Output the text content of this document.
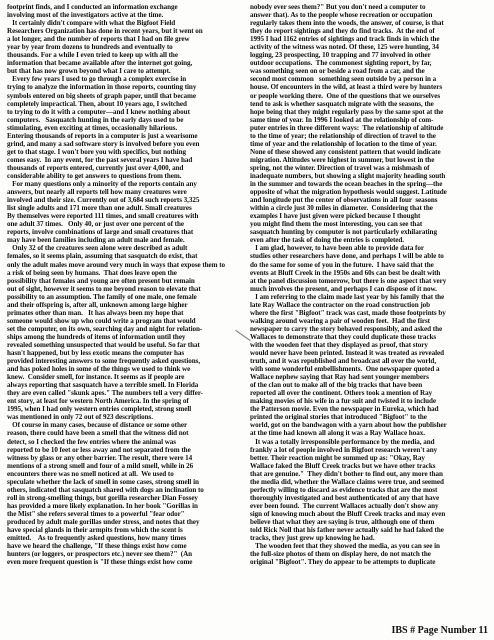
footprint finds, and I conducted an information exchange
involving most of the investigators active at the time.
It certainly didn't compare with what the Bigfoot Field
Researchers Organization has done in recent years, but it went on
a lot longer, and the number of reports that I had on file grew
year by year from dozens to hundreds and eventually to
thousands. For a while I even tried to keep up with all the
information that became available after the internet got going,
but that has now grown beyond what I care to attempt.
Every few years I used to go through a complex exercise in
trying to analyze the information in those reports, counting tiny
symbols entered on big sheets of graph paper, until that became
completely impractical. Then, about 10 years ago, I switched
to trying to do it with a computer—and I knew nothing about
computers.   Sasquatch hunting in the early days used to be
stimulating, even exciting at times, occasionally hilarious.
Entering thousands of reports in a computer is just a wearisome
grind, and many a sad software story is involved before you even
get to that stage. I won't bore you with specifics, but nothing
comes easy.  In any event, for the past several years I have had
thousands of reports entered, currently just over 4,000, and
considerable ability to get answers to questions from them.
For many questions only a minority of the reports contain any
answers, but nearly all reports tell how many creatures were
involved and their size. Currently out of 3,684 such reports 3,325
list single adults and 171 more than one adult. Small creatures
By themselves were reported 111 times, and small creatures with
one adult 37 times.   Only 40, or just over one percent of the
reports, involve combinations of large and small creatures that
may have been families including an adult male and female.
Only 32 of the creatures seen alone were described as adult
females, so it seems plain, assuming that sasquatch do exist, that
only the adult males move around very much in ways that expose them to
a risk of being seen by humans.  That does leave open the
possibility that females and young are often present but remain
out of sight, however it seems to me beyond reason to elevate that
possibility to an assumption. The family of one male, one female
and their offspring is, after all, unknown among large higher
primates other than man.   It has always been my hope that
someone would show up who could write a program that would
set the computer, on its own, searching day and night for relation-
ships among the hundreds of items of information until they
revealed something unsuspected that would be useful. So far that
hasn't happened, but by less exotic means the computer has
provided interesting answers to some frequently asked questions,
and has poked holes in some of the things we used to think we
knew.  Consider smell, for instance. It seems as if people are
always reporting that sasquatch have a terrible smell. In Florida
they are even called "skunk apes." The numbers tell a very differ-
ent story, at least for western North America. In the spring of
1995, when I had only western entries completed, strong smell
was mentioned in only 72 out of 923 descriptions.
Of course in many cases, because of distance or some other
reason, there could have been a smell that the witness did not
detect, so I checked the few entries where the animal was
reported to be 10 feet or less away and not separated from the
witness by glass or any other barrier. The result, there were 14
mentions of a strong smell and four of a mild smell, while in 26
encounters there was no smell noticed at all.  We used to
speculate whether the lack of smell in some cases, strong smell in
others, indicated that sasquatch shared with dogs an inclination to
roll in strong-smelling things, but gorilla researcher Dian Fossey
has provided a more likely explanation. In her book "Gorillas in
the Mist" she refers several times to a powerful "fear odor"
produced by adult male gorillas under stress, and notes that they
have special glands in their armpits from which the scent is
emitted.    As to frequently asked questions, how many times
have we heard the challenge, "If these things exist how come
hunters (or loggers, or prospectors etc.) never see them?"  (An
even more frequent question is "If these things exist how come
nobody ever sees them?" But you don't need a computer to
answer that). As to the people whose recreation or occupation
regularly takes them into the woods, the answer, of course, is that
they do report sightings and they do find tracks.  At the end of
1995 I had 1162 entries of sightings and track finds in which the
activity of the witness was noted. Of these, 125 were hunting, 34
logging, 23 prospecting, 10 trapping and 77 involved in other
outdoor occupations.  The commonest sighting report, by far,
was something seen on or beside a road from a car, and the
second most common   something seen outside by a person in a
house. Of encounters in the wild, at least a third were by hunters
or people working there.  One of the questions that we ourselves
tend to ask is whether sasquatch migrate with the seasons, the
hope being that they might regularly pass by the same spot at the
same time of year. In 1996 I looked at the relationship of com-
puter entries in three different ways:  The relationship of altitude
to the time of year; the relationship of direction of travel to the
time of year and the relationship of location to the time of year.
None of these showed any consistent pattern that would indicate
migration. Altitudes were highest in summer, but lowest in the
spring, not the winter. Direction of travel was a mishmash of
inadequate numbers, but showing a slight majority heading south
in the summer and towards the ocean beaches in the spring—the
opposite of what the migration hypothesis would suggest. Latitude
and longitude put the center of observations in all four  seasons
within a circle just 30 miles in diameter.  Considering that the
examples I have just given were picked because I thought
you might find them the most interesting, you can see that
sasquatch hunting by computer is not particularly exhilarating
even after the task of doing the entries is completed.
I am glad, however, to have been able to provide data for
studies other researchers have done, and perhaps I will be able to
do the same for some of you in the future.  I have said that the
events at Bluff Creek in the 1950s and 60s can best be dealt with
at the panel discussion tomorrow, but there is one aspect that very
much involves the present, and perhaps I can dispose of it now.
I am referring to the claim made last year by his family that the
late Ray Wallace the contractor on the road construction job
where the first "Bigfoot" track was cast, made those footprints by
walking around wearing a pair of wooden feet.  Had the first
newspaper to carry the story behaved responsibly, and asked the
Wallaces to demonstrate that they could duplicate those tracks
with the wooden feet that they displayed as proof, that story
would never have been printed. Instead it was treated as revealed
truth, and it was republished and broadcast all over the world,
with some wonderful embellishments.  One newspaper quoted a
Wallace nephew saying that Ray had sent younger members
of the clan out to make all of the big tracks that have been
reported all over the continent. Others took a mention of Ray
making movies of his wife in a fur suit and twisted it to include
the Patterson movie. Even the newspaper in Eureka, which had
printed the original stories that introduced "Bigfoot" to the
world, got on the bandwagon with a yarn about how the publisher
at the time had known all along it was a Ray Wallace hoax.
It was a totally irresponsible performance by the media, and
frankly a lot of people involved in Bigfoot research weren't any
better. Their reaction might be summed up as: "Okay, Ray
Wallace faked the Bluff Creek tracks but we have other tracks
that are genuine."  They didn't bother to find out, any more than
the media did, whether the Wallace claims were true, and seemed
perfectly willing to discard as evidence tracks that are the most
thoroughly investigated and best authenticated of any that have
ever been found.  The current Wallaces actually don't show any
sign of knowing much about the Bluff Creek tracks and may even
believe that what they are saying is true, although one of them
told Rick Noll that his father never actually said he had faked the
tracks, they just grew up knowing he had.
The wooden feet that they showed the media, as you can see in
the full-size photos of them on display here, do not match the
original "Bigfoot". They do appear to be attempts to duplicate
IBS # Page Number 11
